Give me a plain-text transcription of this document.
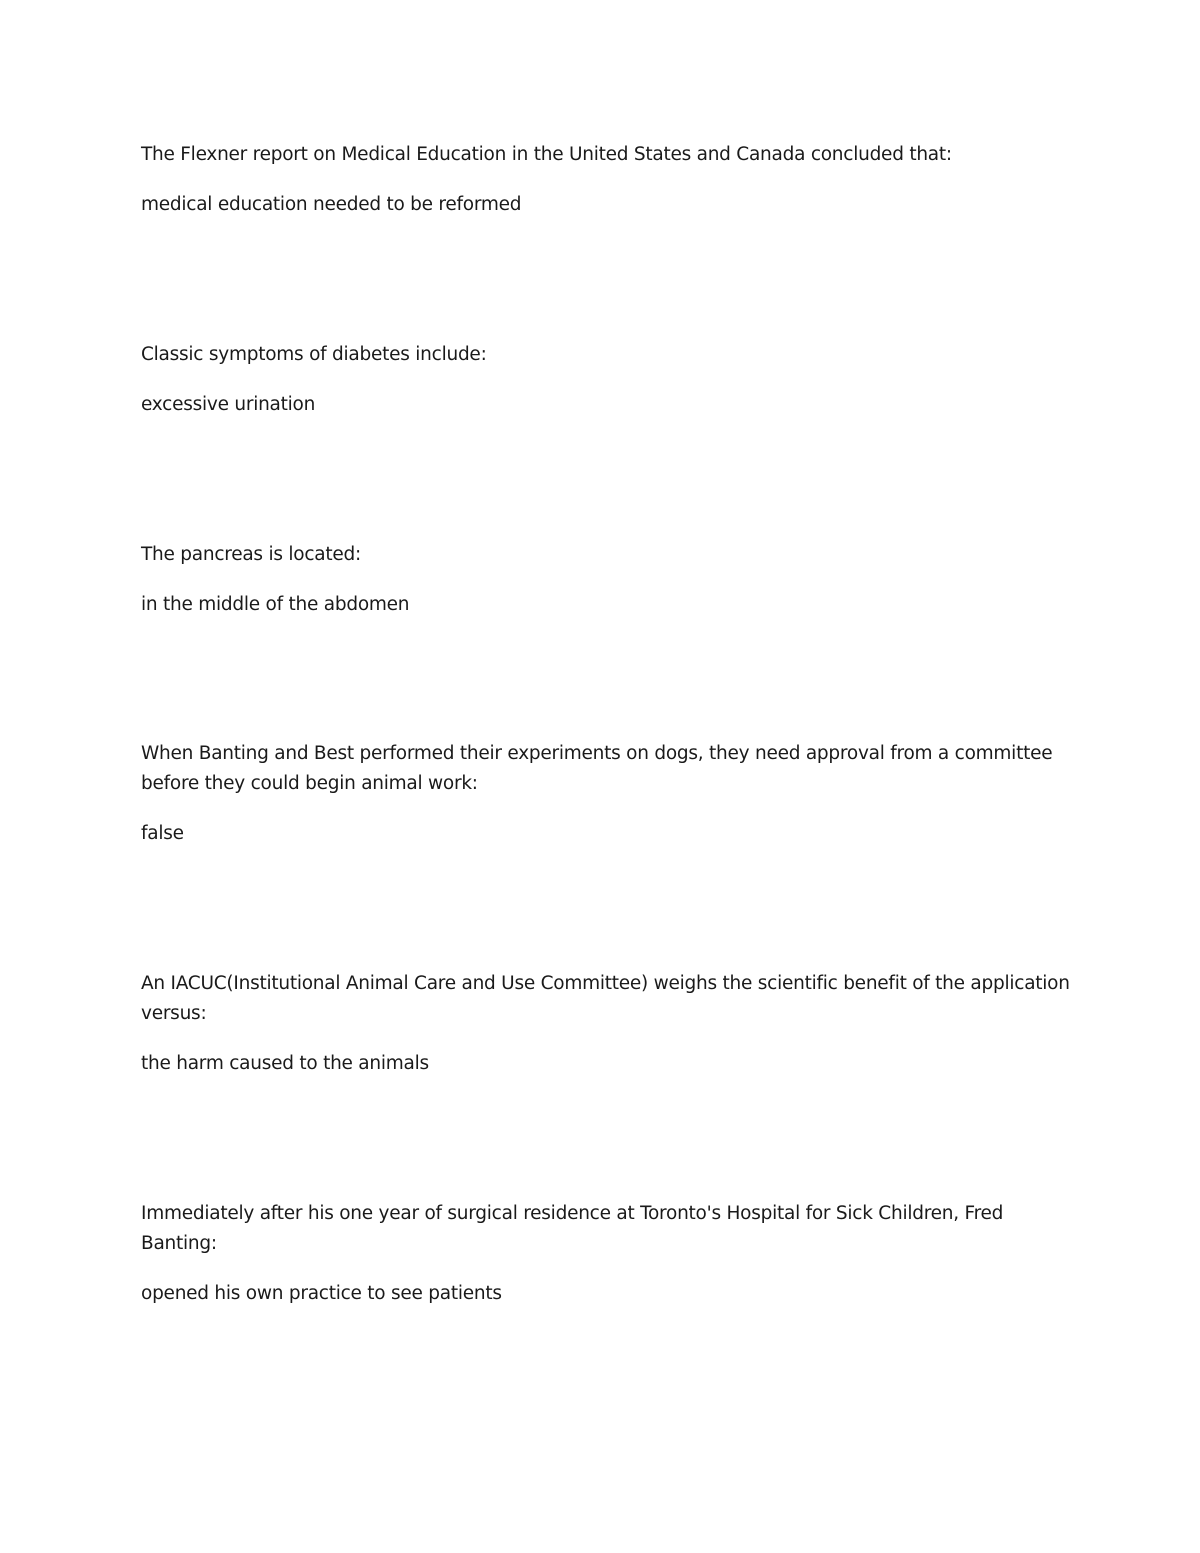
The Flexner report on Medical Education in the United States and Canada concluded that:

medical education needed to be reformed

Classic symptoms of diabetes include:

excessive urination

The pancreas is located:

in the middle of the abdomen

When Banting and Best performed their experiments on dogs, they need approval from a committee before they could begin animal work:

false

An IACUC(Institutional Animal Care and Use Committee) weighs the scientific benefit of the application versus:

the harm caused to the animals

Immediately after his one year of surgical residence at Toronto's Hospital for Sick Children, Fred Banting:

opened his own practice to see patients
